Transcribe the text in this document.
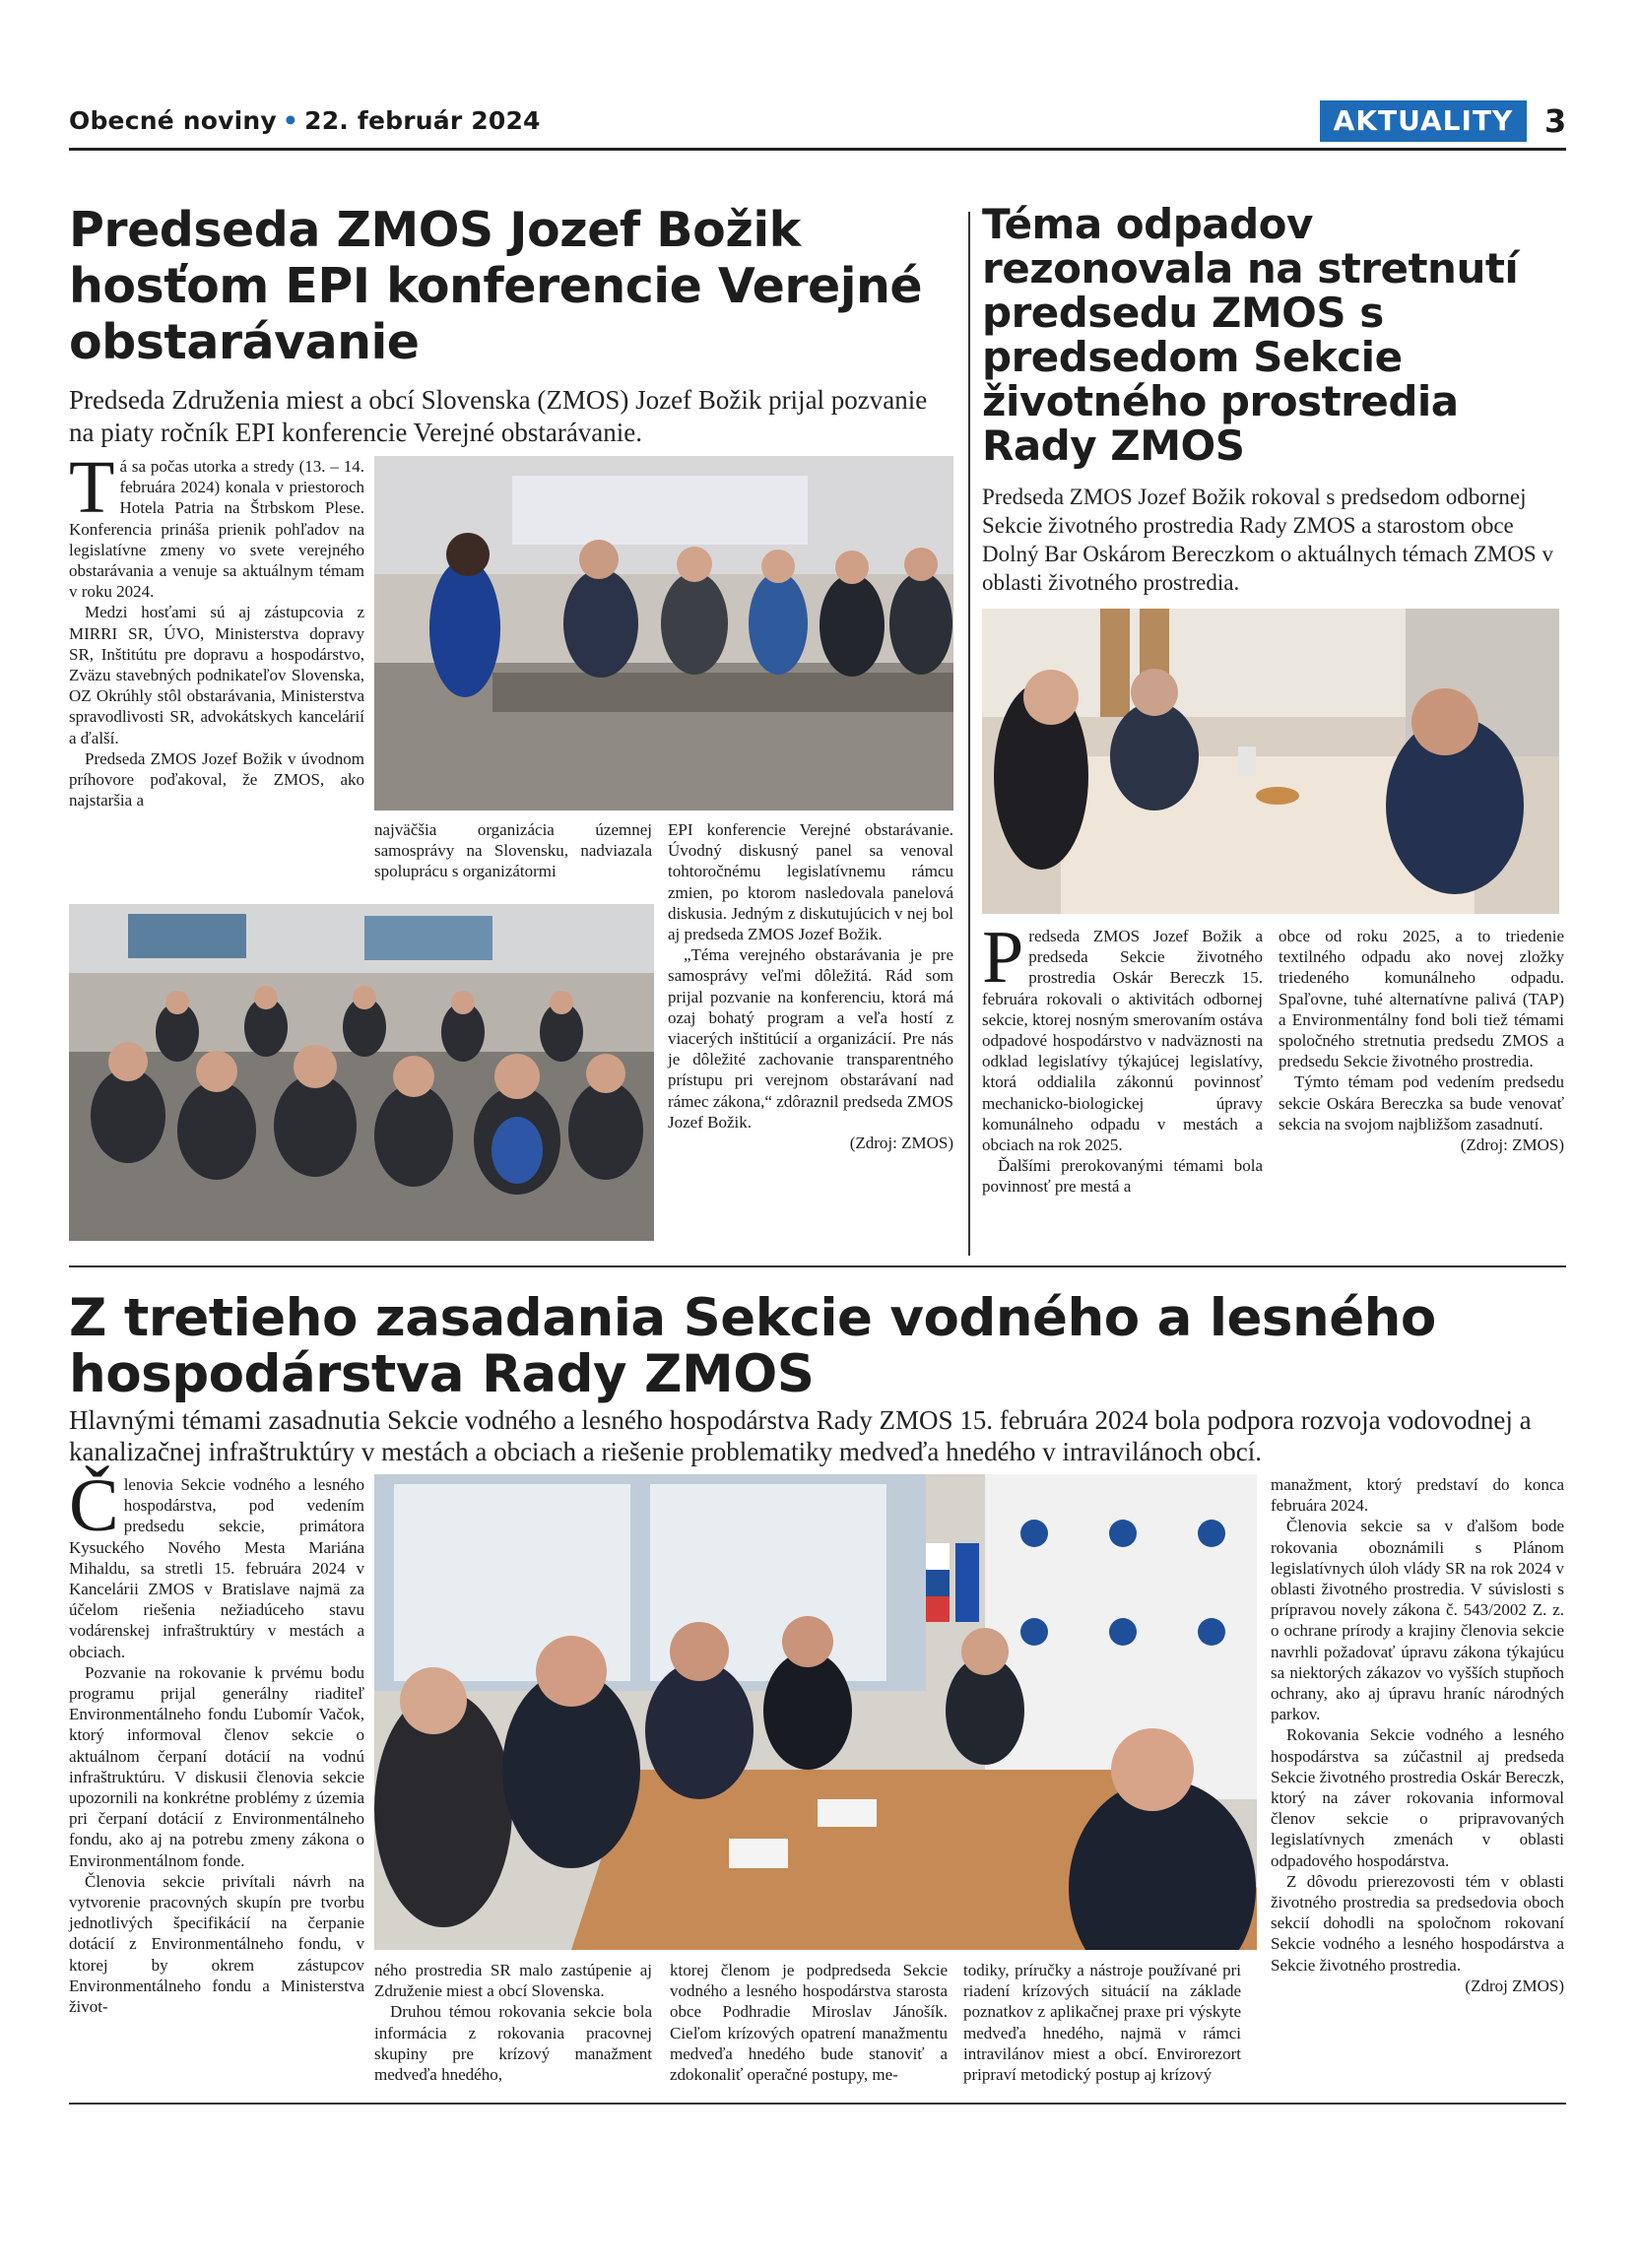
Obecné noviny • 22. február 2024	AKTUALITY 3
Predseda ZMOS Jozef Božik hosťom EPI konferencie Verejné obstarávanie
Predseda Združenia miest a obcí Slovenska (ZMOS) Jozef Božik prijal pozvanie na piaty ročník EPI konferencie Verejné obstarávanie.

Tá sa počas utorka a stredy (13. – 14. februára 2024) konala v priestoroch Hotela Patria na Štrbskom Plese. Konferencia prináša prienik pohľadov na legislatívne zmeny vo svete verejného obstarávania a venuje sa aktuálnym témam v roku 2024.

Medzi hosťami sú aj zástupcovia z MIRRI SR, ÚVO, Ministerstva dopravy SR, Inštitútu pre dopravu a hospodárstvo, Zväzu stavebných podnikateľov Slovenska, OZ Okrúhly stôl obstarávania, Ministerstva spravodlivosti SR, advokátskych kancelárií a ďalší.

Predseda ZMOS Jozef Božik v úvodnom príhovore poďakoval, že ZMOS, ako najstaršia a

najväčšia organizácia územnej samosprávy na Slovensku, nadviazala spoluprácu s organizátormi

EPI konferencie Verejné obstarávanie. Úvodný diskusný panel sa venoval tohtoročnému legislatívnemu rámcu zmien, po ktorom nasledovala panelová diskusia. Jedným z diskutujúcich v nej bol aj predseda ZMOS Jozef Božik.

„Téma verejného obstarávania je pre samosprávy veľmi dôležitá. Rád som prijal pozvanie na konferenciu, ktorá má ozaj bohatý program a veľa hostí z viacerých inštitúcií a organizácií. Pre nás je dôležité zachovanie transparentného prístupu pri verejnom obstarávaní nad rámec zákona,“ zdôraznil predseda ZMOS Jozef Božik.

(Zdroj: ZMOS)

Téma odpadov rezonovala na stretnutí predsedu ZMOS s predsedom Sekcie životného prostredia Rady ZMOS
Predseda ZMOS Jozef Božik rokoval s predsedom odbornej Sekcie životného prostredia Rady ZMOS a starostom obce Dolný Bar Oskárom Bereczkom o aktuálnych témach ZMOS v oblasti životného prostredia.

Predseda ZMOS Jozef Božik a predseda Sekcie životného prostredia Oskár Bereczk 15. februára rokovali o aktivitách odbornej sekcie, ktorej nosným smerovaním ostáva odpadové hospodárstvo v nadväznosti na odklad legislatívy týkajúcej legislatívy, ktorá oddialila zákonnú povinnosť mechanicko-biologickej úpravy komunálneho odpadu v mestách a obciach na rok 2025.

Ďalšími prerokovanými témami bola povinnosť pre mestá a

obce od roku 2025, a to triedenie textilného odpadu ako novej zložky triedeného komunálneho odpadu. Spaľovne, tuhé alternatívne palivá (TAP) a Environmentálny fond boli tiež témami spoločného stretnutia predsedu ZMOS a predsedu Sekcie životného prostredia.

Týmto témam pod vedením predsedu sekcie Oskára Bereczka sa bude venovať sekcia na svojom najbližšom zasadnutí.

(Zdroj: ZMOS)

Z tretieho zasadania Sekcie vodného a lesného hospodárstva Rady ZMOS
Hlavnými témami zasadnutia Sekcie vodného a lesného hospodárstva Rady ZMOS 15. februára 2024 bola podpora rozvoja vodovodnej a kanalizačnej infraštruktúry v mestách a obciach a riešenie problematiky medveďa hnedého v intravilánoch obcí.

Členovia Sekcie vodného a lesného hospodárstva, pod vedením predsedu sekcie, primátora Kysuckého Nového Mesta Mariána Mihaldu, sa stretli 15. februára 2024 v Kancelárii ZMOS v Bratislave najmä za účelom riešenia nežiadúceho stavu vodárenskej infraštruktúry v mestách a obciach.

Pozvanie na rokovanie k prvému bodu programu prijal generálny riaditeľ Environmentálneho fondu Ľubomír Vačok, ktorý informoval členov sekcie o aktuálnom čerpaní dotácií na vodnú infraštruktúru. V diskusii členovia sekcie upozornili na konkrétne problémy z územia pri čerpaní dotácií z Environmentálneho fondu, ako aj na potrebu zmeny zákona o Environmentálnom fonde.

Členovia sekcie privítali návrh na vytvorenie pracovných skupín pre tvorbu jednotlivých špecifikácií na čerpanie dotácií z Environmentálneho fondu, v ktorej by okrem zástupcov Environmentálneho fondu a Ministerstva život-

ného prostredia SR malo zastúpenie aj Združenie miest a obcí Slovenska.

Druhou témou rokovania sekcie bola informácia z rokovania pracovnej skupiny pre krízový manažment medveďa hnedého,

ktorej členom je podpredseda Sekcie vodného a lesného hospodárstva starosta obce Podhradie Miroslav Jánošík. Cieľom krízových opatrení manažmentu medveďa hnedého bude stanoviť a zdokonaliť operačné postupy, me-

todiky, príručky a nástroje používané pri riadení krízových situácií na základe poznatkov z aplikačnej praxe pri výskyte medveďa hnedého, najmä v rámci intravilánov miest a obcí. Envirorezort pripraví metodický postup aj krízový

manažment, ktorý predstaví do konca februára 2024.

Členovia sekcie sa v ďalšom bode rokovania oboznámili s Plánom legislatívnych úloh vlády SR na rok 2024 v oblasti životného prostredia. V súvislosti s prípravou novely zákona č. 543/2002 Z. z. o ochrane prírody a krajiny členovia sekcie navrhli požadovať úpravu zákona týkajúcu sa niektorých zákazov vo vyšších stupňoch ochrany, ako aj úpravu hraníc národných parkov.

Rokovania Sekcie vodného a lesného hospodárstva sa zúčastnil aj predseda Sekcie životného prostredia Oskár Bereczk, ktorý na záver rokovania informoval členov sekcie o pripravovaných legislatívnych zmenách v oblasti odpadového hospodárstva.

Z dôvodu prierezovosti tém v oblasti životného prostredia sa predsedovia oboch sekcií dohodli na spoločnom rokovaní Sekcie vodného a lesného hospodárstva a Sekcie životného prostredia.

(Zdroj ZMOS)
